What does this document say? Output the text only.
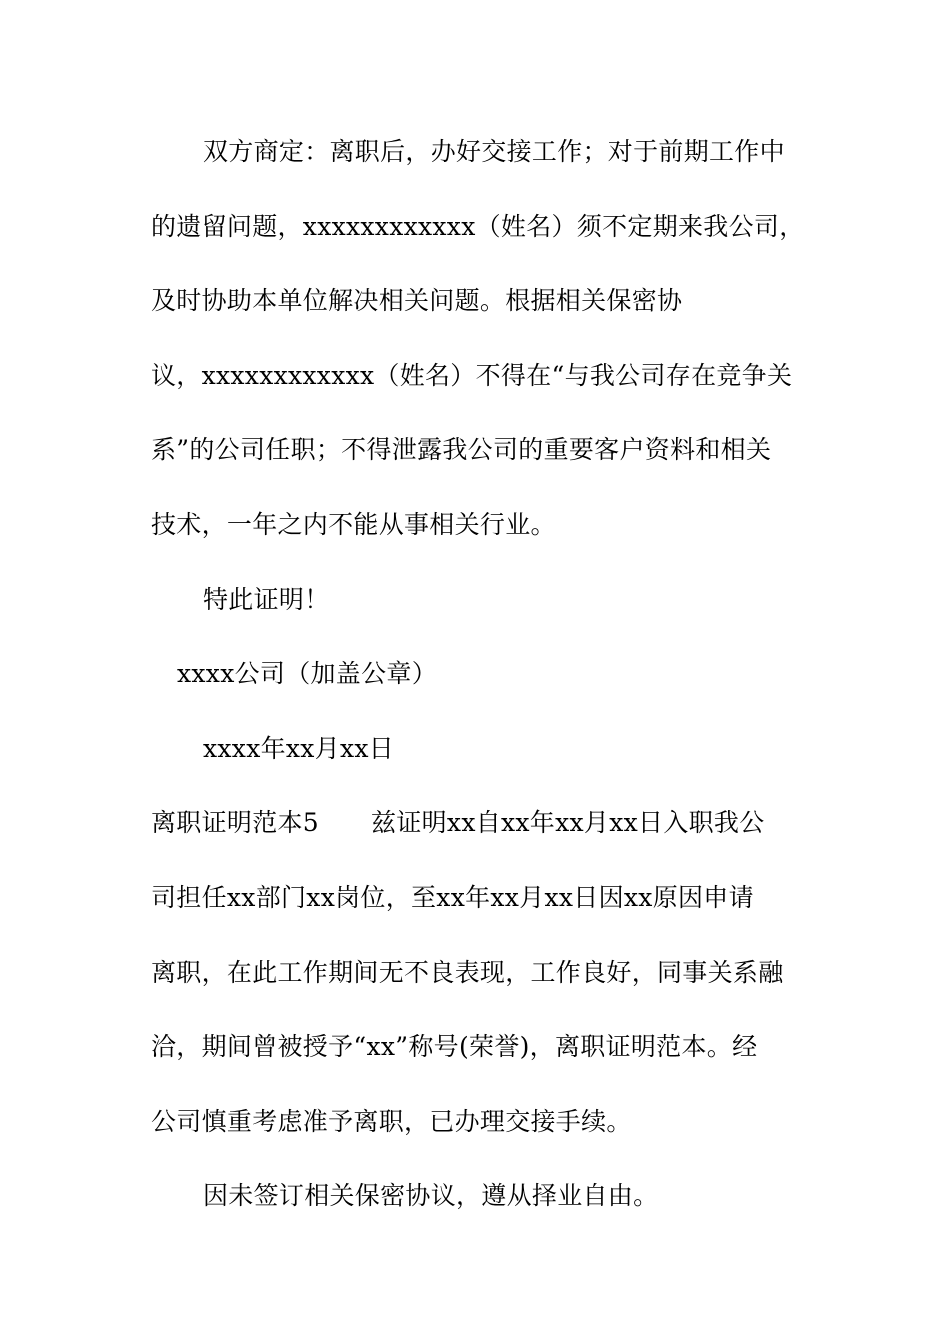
双方商定：离职后，办好交接工作；对于前期工作中
的遗留问题，xxxxxxxxxxxx（姓名）须不定期来我公司，
及时协助本单位解决相关问题。根据相关保密协
议，xxxxxxxxxxxx（姓名）不得在“与我公司存在竞争关
系”的公司任职；不得泄露我公司的重要客户资料和相关
技术，一年之内不能从事相关行业。
特此证明！
xxxx公司（加盖公章）
xxxx年xx月xx日
离职证明范本5 兹证明xx自xx年xx月xx日入职我公
司担任xx部门xx岗位，至xx年xx月xx日因xx原因申请
离职，在此工作期间无不良表现，工作良好，同事关系融
洽，期间曾被授予“xx”称号(荣誉)，离职证明范本。经
公司慎重考虑准予离职，已办理交接手续。
因未签订相关保密协议，遵从择业自由。
